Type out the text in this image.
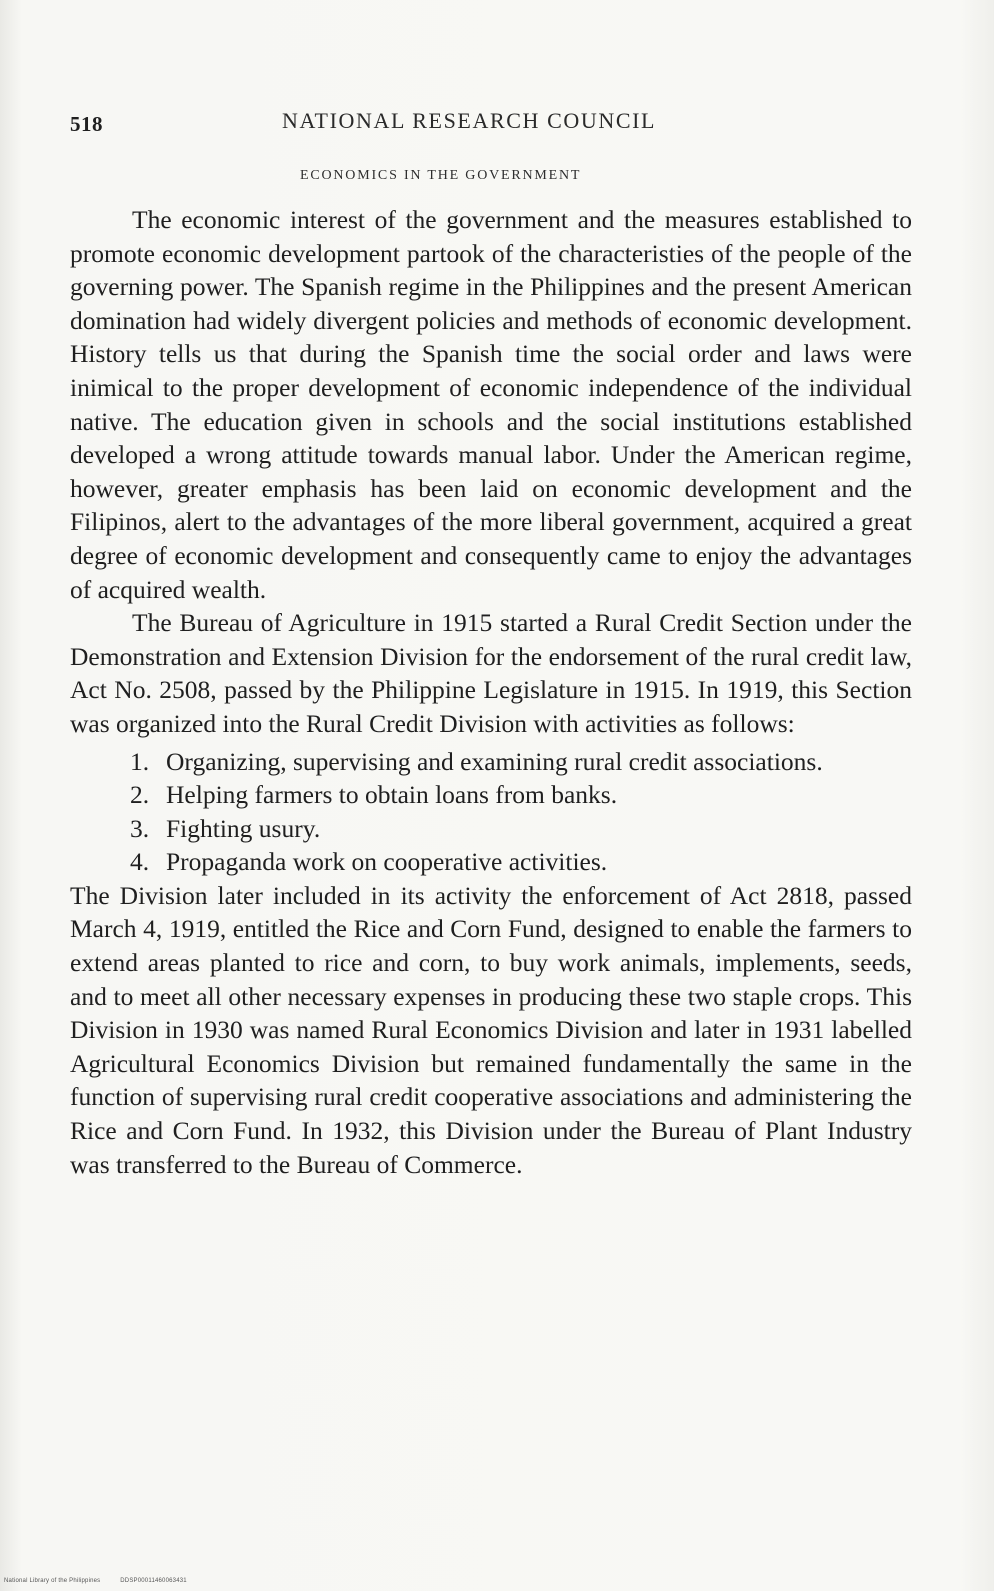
518	NATIONAL RESEARCH COUNCIL
ECONOMICS IN THE GOVERNMENT

The economic interest of the government and the measures established to promote economic development partook of the characteristies of the people of the governing power. The Spanish regime in the Philippines and the present American domination had widely divergent policies and methods of economic development. History tells us that during the Spanish time the social order and laws were inimical to the proper development of economic independence of the individual native. The education given in schools and the social institutions established developed a wrong attitude towards manual labor. Under the American regime, however, greater emphasis has been laid on economic development and the Filipinos, alert to the advantages of the more liberal government, acquired a great degree of economic development and consequently came to enjoy the advantages of acquired wealth.

The Bureau of Agriculture in 1915 started a Rural Credit Section under the Demonstration and Extension Division for the endorsement of the rural credit law, Act No. 2508, passed by the Philippine Legislature in 1915. In 1919, this Section was organized into the Rural Credit Division with activities as follows:

1. Organizing, supervising and examining rural credit associations.
2. Helping farmers to obtain loans from banks.
3. Fighting usury.
4. Propaganda work on cooperative activities.

The Division later included in its activity the enforcement of Act 2818, passed March 4, 1919, entitled the Rice and Corn Fund, designed to enable the farmers to extend areas planted to rice and corn, to buy work animals, implements, seeds, and to meet all other necessary expenses in producing these two staple crops. This Division in 1930 was named Rural Economics Division and later in 1931 labelled Agricultural Economics Division but remained fundamentally the same in the function of supervising rural credit cooperative associations and administering the Rice and Corn Fund. In 1932, this Division under the Bureau of Plant Industry was transferred to the Bureau of Commerce.

National Library of the Philippines	DDSP00011460063431
